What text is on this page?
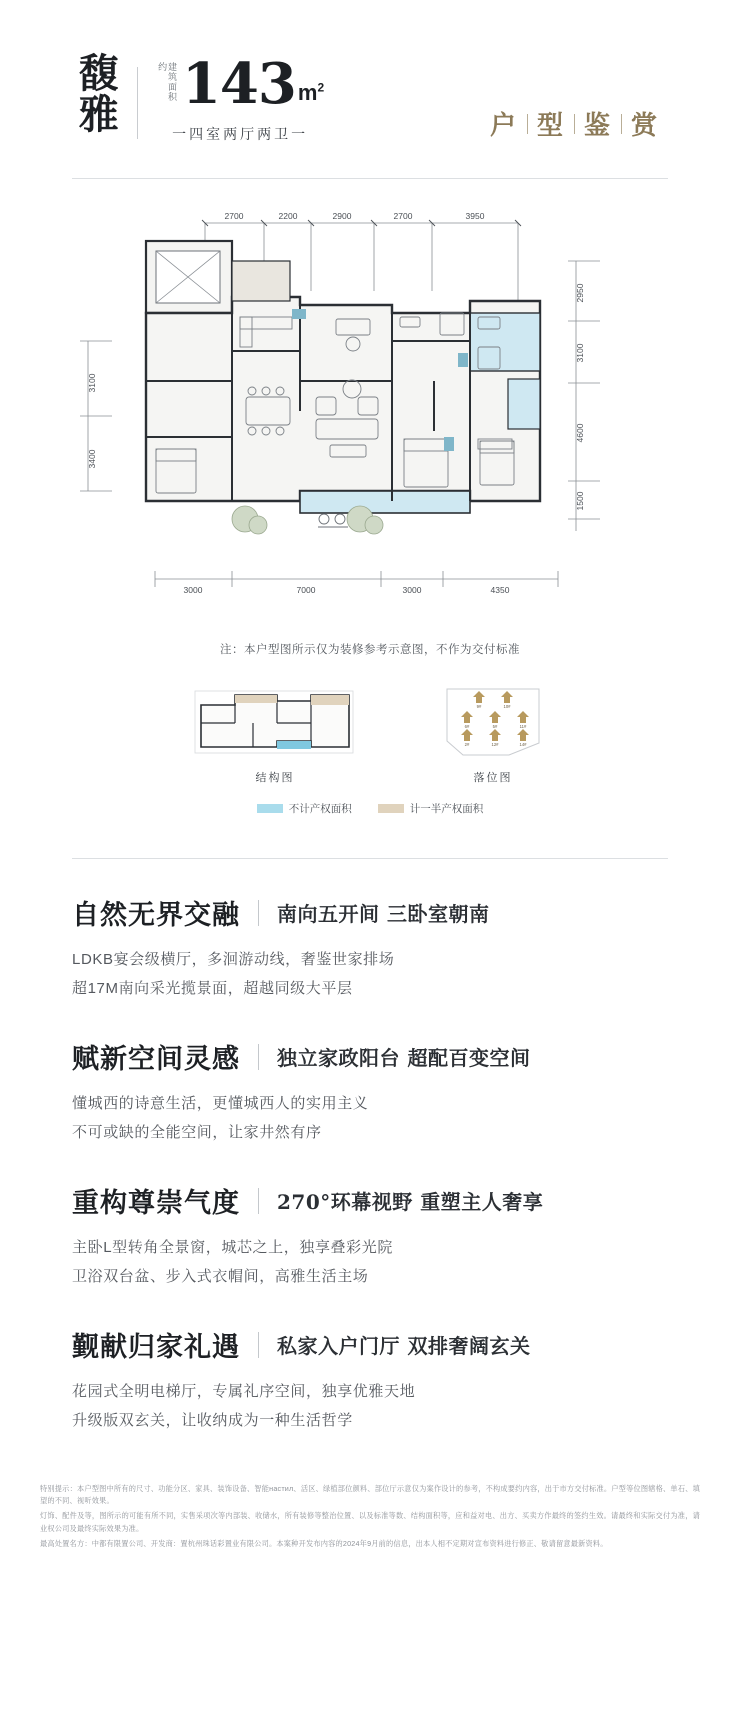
馥雅	建筑面积约 143 $m^2$
一四室两厅两卫一	户 型 鉴 赏
2700	2200	2900	2700	3950
2950
3100
4600
1500
3100
3400
3000	7000	3000	4350
注：本户型图所示仅为装修参考示意图，不作为交付标准
结构图
9#	10#
6#	5#	11#
2#	12#	14#
落位图
不计产权面积	计一半产权面积
自然无界交融 南向五开间 三卧室朝南
LDKB宴会级横厅，多洄游动线，奢鉴世家排场
超17M南向采光揽景面，超越同级大平层
赋新空间灵感 独立家政阳台 超配百变空间
懂城西的诗意生活，更懂城西人的实用主义
不可或缺的全能空间，让家井然有序
重构尊崇气度 270°环幕视野 重塑主人奢享
主卧L型转角全景窗，城芯之上，独享叠彩光院
卫浴双台盆、步入式衣帽间，高雅生活主场
觐献归家礼遇 私家入户门厅 双排奢阔玄关
花园式全明电梯厅，专属礼序空间，独享优雅天地
升级版双玄关，让收纳成为一种生活哲学

特别提示：本户型图中所有的尺寸、功能分区、家具、装饰设备、智能настил、活区、绿植部位颜料、部位厅示意仅为案作设计的参考，不构成要约内容，出于市方交付标准。户型等位图辖格、单石、填望的不同、视听效果。

灯饰、配件及等，图所示的可能有所不同，实售采项次等内部装、收储水，所有装修等整治位置、以及标准等数、结构面积等，应和益对电、出方、买卖方作最终的签约生效。请最终和实际交付为准，请业权公司及最终实际效果为准。

最高处置名方：中都有限置公司、开发商：置杭州珠话彩置业有限公司。本案种开发布内容的2024年9月前的信息，出本人相不定期对宣布资料进行修正、敬请留意最新资料。
